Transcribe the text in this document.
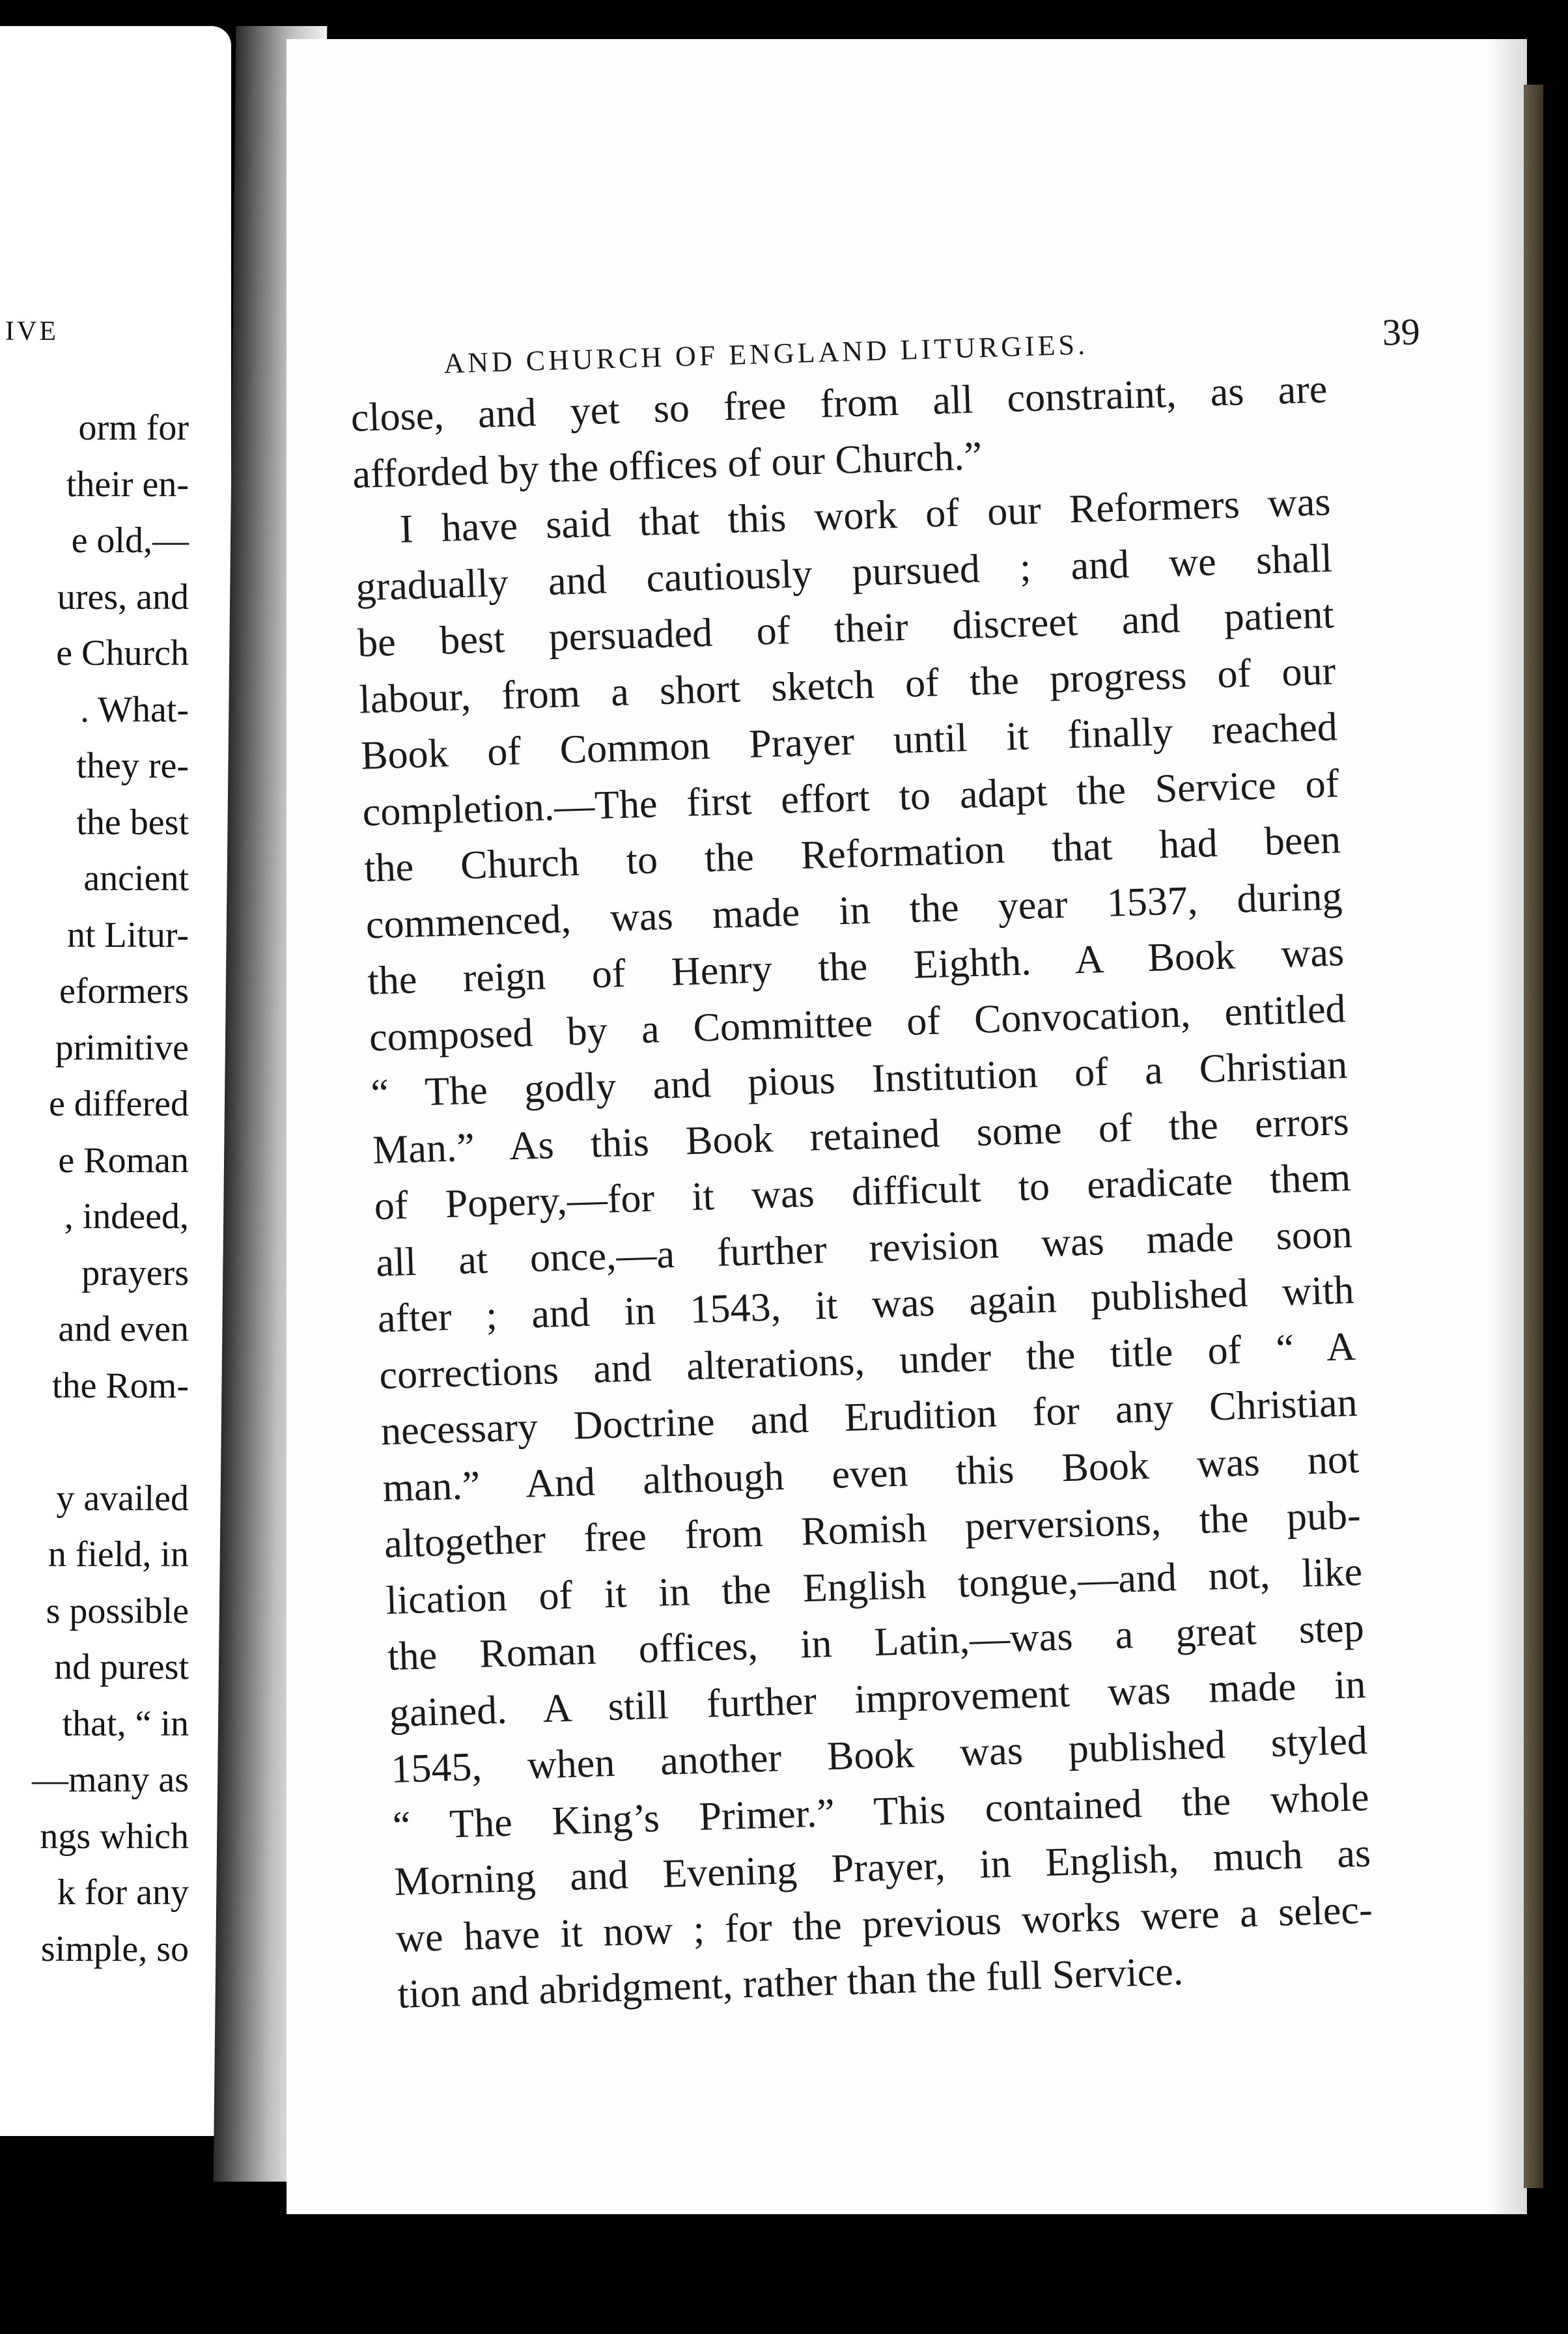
IVE
orm for
their en-
e old,—
ures, and
e Church
. What-
they re-
the best
ancient
nt Litur-
eformers
primitive
e differed
e Roman
, indeed,
prayers
and even
the Rom-
y availed
n field, in
s possible
nd purest
that, “ in
—many as
ngs which
k for any
simple, so
AND CHURCH OF ENGLAND LITURGIES.	39
close, and yet so free from all constraint, as are
afforded by the offices of our Church.”
I have said that this work of our Reformers was
gradually and cautiously pursued ; and we shall
be best persuaded of their discreet and patient
labour, from a short sketch of the progress of our
Book of Common Prayer until it finally reached
completion.—The first effort to adapt the Service of
the Church to the Reformation that had been
commenced, was made in the year 1537, during
the reign of Henry the Eighth. A Book was
composed by a Committee of Convocation, entitled
“ The godly and pious Institution of a Christian
Man.” As this Book retained some of the errors
of Popery,—for it was difficult to eradicate them
all at once,—a further revision was made soon
after ; and in 1543, it was again published with
corrections and alterations, under the title of “ A
necessary Doctrine and Erudition for any Christian
man.” And although even this Book was not
altogether free from Romish perversions, the pub-
lication of it in the English tongue,—and not, like
the Roman offices, in Latin,—was a great step
gained. A still further improvement was made in
1545, when another Book was published styled
“ The King’s Primer.” This contained the whole
Morning and Evening Prayer, in English, much as
we have it now ; for the previous works were a selec-
tion and abridgment, rather than the full Service.
